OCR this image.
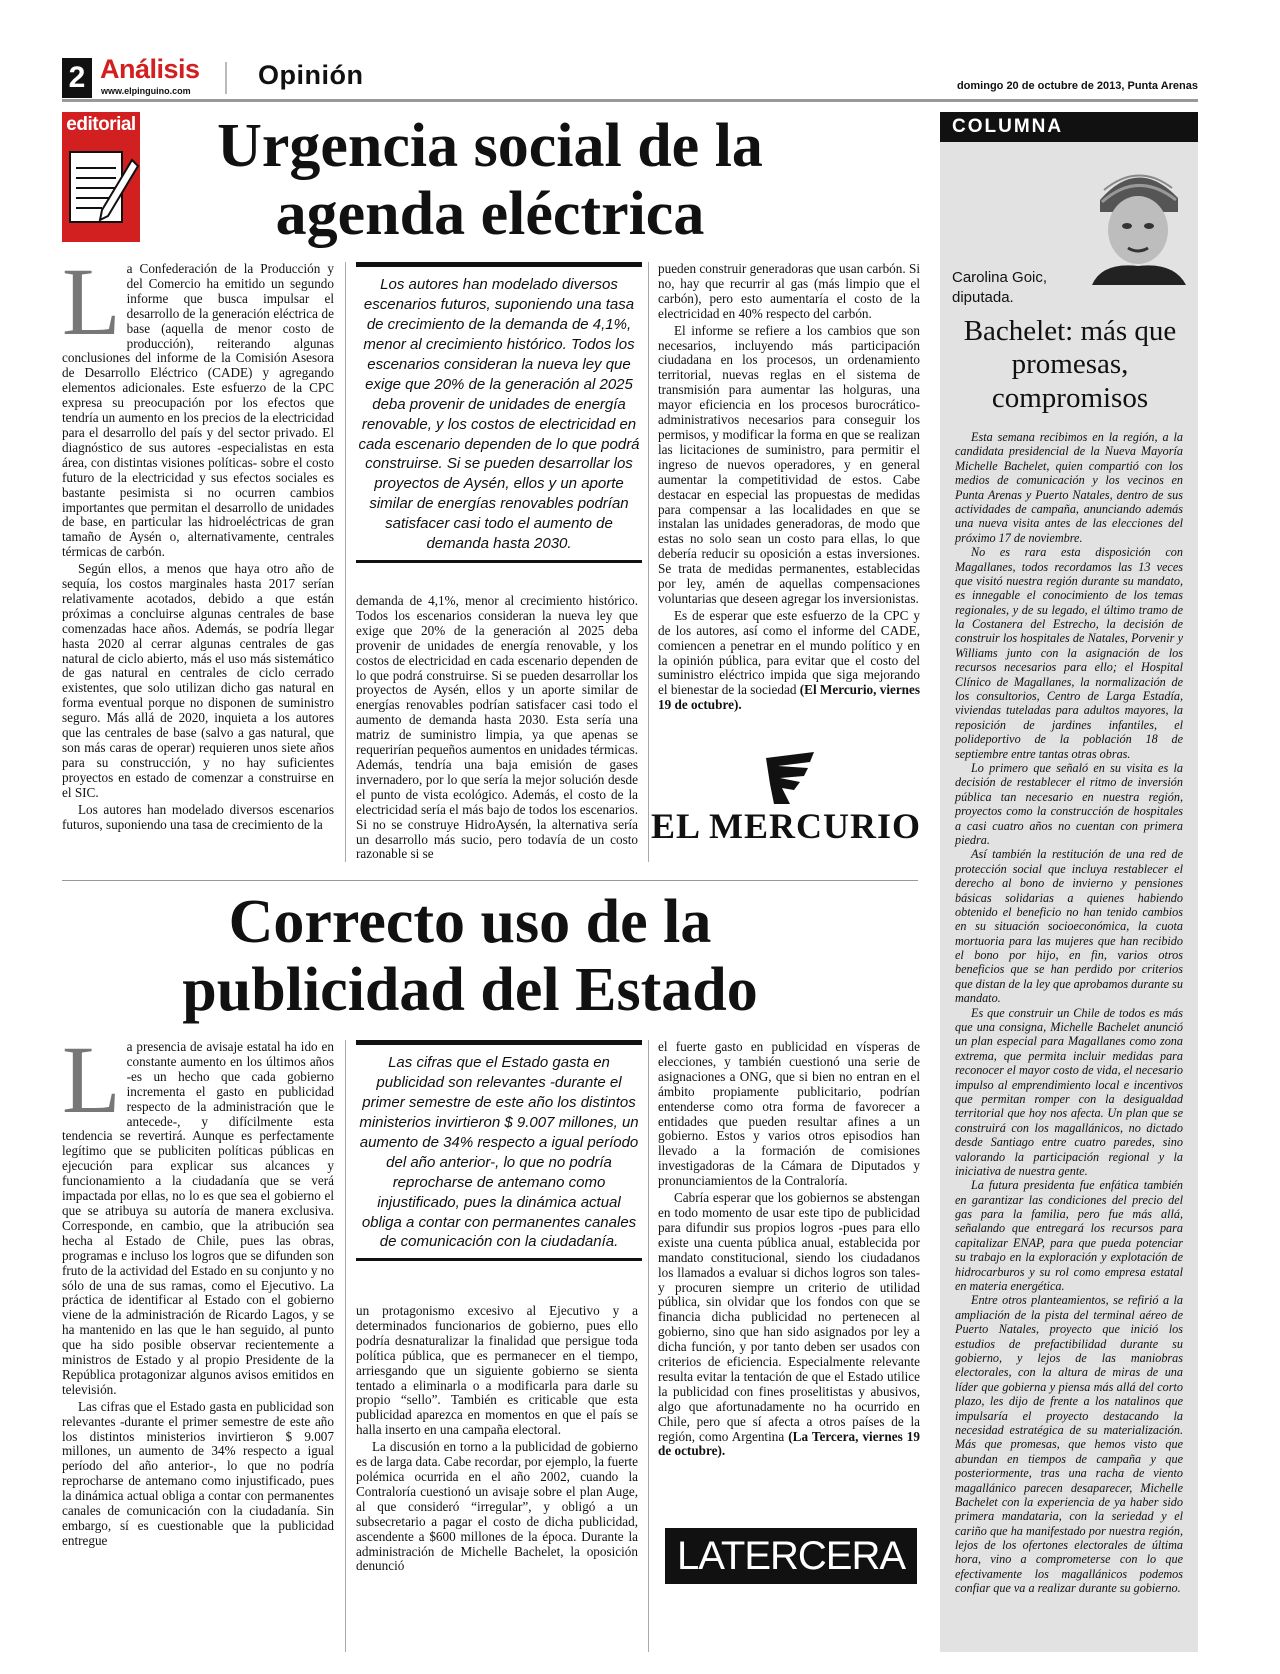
2 Análisis
www.elpinguino.com
Opinión	domingo 20 de octubre de 2013, Punta Arenas
editorial	Urgencia social de la agenda eléctrica

La Confederación de la Producción y del Comercio ha emitido un segundo informe que busca impulsar el desarrollo de la generación eléctrica de base (aquella de menor costo de producción), reiterando algunas conclusiones del informe de la Comisión Asesora de Desarrollo Eléctrico (CADE) y agregando elementos adicionales. Este esfuerzo de la CPC expresa su preocupación por los efectos que tendría un aumento en los precios de la electricidad para el desarrollo del país y del sector privado. El diagnóstico de sus autores -especialistas en esta área, con distintas visiones políticas- sobre el costo futuro de la electricidad y sus efectos sociales es bastante pesimista si no ocurren cambios importantes que permitan el desarrollo de unidades de base, en particular las hidroeléctricas de gran tamaño de Aysén o, alternativamente, centrales térmicas de carbón.

Según ellos, a menos que haya otro año de sequía, los costos marginales hasta 2017 serían relativamente acotados, debido a que están próximas a concluirse algunas centrales de base comenzadas hace años. Además, se podría llegar hasta 2020 al cerrar algunas centrales de gas natural de ciclo abierto, más el uso más sistemático de gas natural en centrales de ciclo cerrado existentes, que solo utilizan dicho gas natural en forma eventual porque no disponen de suministro seguro. Más allá de 2020, inquieta a los autores que las centrales de base (salvo a gas natural, que son más caras de operar) requieren unos siete años para su construcción, y no hay suficientes proyectos en estado de comenzar a construirse en el SIC.

Los autores han modelado diversos escenarios futuros, suponiendo una tasa de crecimiento de la

Los autores han modelado diversos escenarios futuros, suponiendo una tasa de crecimiento de la demanda de 4,1%, menor al crecimiento histórico. Todos los escenarios consideran la nueva ley que exige que 20% de la generación al 2025 deba provenir de unidades de energía renovable, y los costos de electricidad en cada escenario dependen de lo que podrá construirse. Si se pueden desarrollar los proyectos de Aysén, ellos y un aporte similar de energías renovables podrían satisfacer casi todo el aumento de demanda hasta 2030.

demanda de 4,1%, menor al crecimiento histórico. Todos los escenarios consideran la nueva ley que exige que 20% de la generación al 2025 deba provenir de unidades de energía renovable, y los costos de electricidad en cada escenario dependen de lo que podrá construirse. Si se pueden desarrollar los proyectos de Aysén, ellos y un aporte similar de energías renovables podrían satisfacer casi todo el aumento de demanda hasta 2030. Esta sería una matriz de suministro limpia, ya que apenas se requerirían pequeños aumentos en unidades térmicas. Además, tendría una baja emisión de gases invernadero, por lo que sería la mejor solución desde el punto de vista ecológico. Además, el costo de la electricidad sería el más bajo de todos los escenarios. Si no se construye HidroAysén, la alternativa sería un desarrollo más sucio, pero todavía de un costo razonable si se

pueden construir generadoras que usan carbón. Si no, hay que recurrir al gas (más limpio que el carbón), pero esto aumentaría el costo de la electricidad en 40% respecto del carbón.

El informe se refiere a los cambios que son necesarios, incluyendo más participación ciudadana en los procesos, un ordenamiento territorial, nuevas reglas en el sistema de transmisión para aumentar las holguras, una mayor eficiencia en los procesos burocrático-administrativos necesarios para conseguir los permisos, y modificar la forma en que se realizan las licitaciones de suministro, para permitir el ingreso de nuevos operadores, y en general aumentar la competitividad de estos. Cabe destacar en especial las propuestas de medidas para compensar a las localidades en que se instalan las unidades generadoras, de modo que estas no solo sean un costo para ellas, lo que debería reducir su oposición a estas inversiones. Se trata de medidas permanentes, establecidas por ley, amén de aquellas compensaciones voluntarias que deseen agregar los inversionistas.

Es de esperar que este esfuerzo de la CPC y de los autores, así como el informe del CADE, comiencen a penetrar en el mundo político y en la opinión pública, para evitar que el costo del suministro eléctrico impida que siga mejorando el bienestar de la sociedad (El Mercurio, viernes 19 de octubre).

EL MERCURIO
Correcto uso de la publicidad del Estado

La presencia de avisaje estatal ha ido en constante aumento en los últimos años -es un hecho que cada gobierno incrementa el gasto en publicidad respecto de la administración que le antecede-, y difícilmente esta tendencia se revertirá. Aunque es perfectamente legítimo que se publiciten políticas públicas en ejecución para explicar sus alcances y funcionamiento a la ciudadanía que se verá impactada por ellas, no lo es que sea el gobierno el que se atribuya su autoría de manera exclusiva. Corresponde, en cambio, que la atribución sea hecha al Estado de Chile, pues las obras, programas e incluso los logros que se difunden son fruto de la actividad del Estado en su conjunto y no sólo de una de sus ramas, como el Ejecutivo. La práctica de identificar al Estado con el gobierno viene de la administración de Ricardo Lagos, y se ha mantenido en las que le han seguido, al punto que ha sido posible observar recientemente a ministros de Estado y al propio Presidente de la República protagonizar algunos avisos emitidos en televisión.

Las cifras que el Estado gasta en publicidad son relevantes -durante el primer semestre de este año los distintos ministerios invirtieron $ 9.007 millones, un aumento de 34% respecto a igual período del año anterior-, lo que no podría reprocharse de antemano como injustificado, pues la dinámica actual obliga a contar con permanentes canales de comunicación con la ciudadanía. Sin embargo, sí es cuestionable que la publicidad entregue

Las cifras que el Estado gasta en publicidad son relevantes -durante el primer semestre de este año los distintos ministerios invirtieron $ 9.007 millones, un aumento de 34% respecto a igual período del año anterior-, lo que no podría reprocharse de antemano como injustificado, pues la dinámica actual obliga a contar con permanentes canales de comunicación con la ciudadanía.

un protagonismo excesivo al Ejecutivo y a determinados funcionarios de gobierno, pues ello podría desnaturalizar la finalidad que persigue toda política pública, que es permanecer en el tiempo, arriesgando que un siguiente gobierno se sienta tentado a eliminarla o a modificarla para darle su propio “sello”. También es criticable que esta publicidad aparezca en momentos en que el país se halla inserto en una campaña electoral.

La discusión en torno a la publicidad de gobierno es de larga data. Cabe recordar, por ejemplo, la fuerte polémica ocurrida en el año 2002, cuando la Contraloría cuestionó un avisaje sobre el plan Auge, al que consideró “irregular”, y obligó a un subsecretario a pagar el costo de dicha publicidad, ascendente a $600 millones de la época. Durante la administración de Michelle Bachelet, la oposición denunció

el fuerte gasto en publicidad en vísperas de elecciones, y también cuestionó una serie de asignaciones a ONG, que si bien no entran en el ámbito propiamente publicitario, podrían entenderse como otra forma de favorecer a entidades que pueden resultar afines a un gobierno. Estos y varios otros episodios han llevado a la formación de comisiones investigadoras de la Cámara de Diputados y pronunciamientos de la Contraloría.

Cabría esperar que los gobiernos se abstengan en todo momento de usar este tipo de publicidad para difundir sus propios logros -pues para ello existe una cuenta pública anual, establecida por mandato constitucional, siendo los ciudadanos los llamados a evaluar si dichos logros son tales- y procuren siempre un criterio de utilidad pública, sin olvidar que los fondos con que se financia dicha publicidad no pertenecen al gobierno, sino que han sido asignados por ley a dicha función, y por tanto deben ser usados con criterios de eficiencia. Especialmente relevante resulta evitar la tentación de que el Estado utilice la publicidad con fines proselitistas y abusivos, algo que afortunadamente no ha ocurrido en Chile, pero que sí afecta a otros países de la región, como Argentina (La Tercera, viernes 19 de octubre).

LATERCERA
COLUMNA
Carolina Goic,
diputada.
Bachelet: más que promesas, compromisos

Esta semana recibimos en la región, a la candidata presidencial de la Nueva Mayoría Michelle Bachelet, quien compartió con los medios de comunicación y los vecinos en Punta Arenas y Puerto Natales, dentro de sus actividades de campaña, anunciando además una nueva visita antes de las elecciones del próximo 17 de noviembre.

No es rara esta disposición con Magallanes, todos recordamos las 13 veces que visitó nuestra región durante su mandato, es innegable el conocimiento de los temas regionales, y de su legado, el último tramo de la Costanera del Estrecho, la decisión de construir los hospitales de Natales, Porvenir y Williams junto con la asignación de los recursos necesarios para ello; el Hospital Clínico de Magallanes, la normalización de los consultorios, Centro de Larga Estadía, viviendas tuteladas para adultos mayores, la reposición de jardines infantiles, el polideportivo de la población 18 de septiembre entre tantas otras obras.

Lo primero que señaló en su visita es la decisión de restablecer el ritmo de inversión pública tan necesario en nuestra región, proyectos como la construcción de hospitales a casi cuatro años no cuentan con primera piedra.

Así también la restitución de una red de protección social que incluya restablecer el derecho al bono de invierno y pensiones básicas solidarias a quienes habiendo obtenido el beneficio no han tenido cambios en su situación socioeconómica, la cuota mortuoria para las mujeres que han recibido el bono por hijo, en fin, varios otros beneficios que se han perdido por criterios que distan de la ley que aprobamos durante su mandato.

Es que construir un Chile de todos es más que una consigna, Michelle Bachelet anunció un plan especial para Magallanes como zona extrema, que permita incluir medidas para reconocer el mayor costo de vida, el necesario impulso al emprendimiento local e incentivos que permitan romper con la desigualdad territorial que hoy nos afecta. Un plan que se construirá con los magallánicos, no dictado desde Santiago entre cuatro paredes, sino valorando la participación regional y la iniciativa de nuestra gente.

La futura presidenta fue enfática también en garantizar las condiciones del precio del gas para la familia, pero fue más allá, señalando que entregará los recursos para capitalizar ENAP, para que pueda potenciar su trabajo en la exploración y explotación de hidrocarburos y su rol como empresa estatal en materia energética.

Entre otros planteamientos, se refirió a la ampliación de la pista del terminal aéreo de Puerto Natales, proyecto que inició los estudios de prefactibilidad durante su gobierno, y lejos de las maniobras electorales, con la altura de miras de una líder que gobierna y piensa más allá del corto plazo, les dijo de frente a los natalinos que impulsaría el proyecto destacando la necesidad estratégica de su materialización. Más que promesas, que hemos visto que abundan en tiempos de campaña y que posteriormente, tras una racha de viento magallánico parecen desaparecer, Michelle Bachelet con la experiencia de ya haber sido primera mandataria, con la seriedad y el cariño que ha manifestado por nuestra región, lejos de los ofertones electorales de última hora, vino a comprometerse con lo que efectivamente los magallánicos podemos confiar que va a realizar durante su gobierno.
